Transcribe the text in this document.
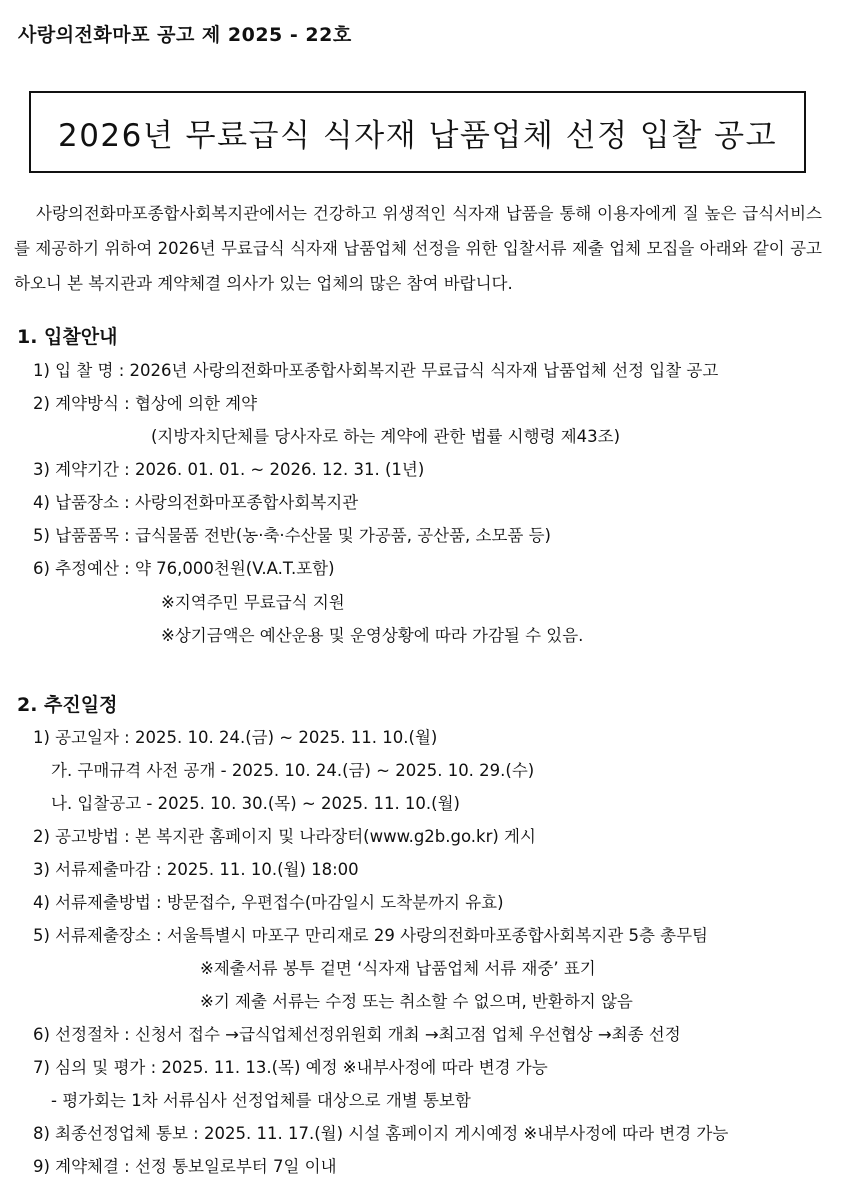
사랑의전화마포 공고 제 2025 - 22호
2026년 무료급식 식자재 납품업체 선정 입찰 공고
사랑의전화마포종합사회복지관에서는 건강하고 위생적인 식자재 납품을 통해 이용자에게 질 높은 급식서비스를 제공하기 위하여 2026년 무료급식 식자재 납품업체 선정을 위한 입찰서류 제출 업체 모집을 아래와 같이 공고하오니 본 복지관과 계약체결 의사가 있는 업체의 많은 참여 바랍니다.
1. 입찰안내
1) 입 찰 명 : 2026년 사랑의전화마포종합사회복지관 무료급식 식자재 납품업체 선정 입찰 공고
2) 계약방식 : 협상에 의한 계약
(지방자치단체를 당사자로 하는 계약에 관한 법률 시행령 제43조)
3) 계약기간 : 2026. 01. 01. ~ 2026. 12. 31. (1년)
4) 납품장소 : 사랑의전화마포종합사회복지관
5) 납품품목 : 급식물품 전반(농·축·수산물 및 가공품, 공산품, 소모품 등)
6) 추정예산 : 약 76,000천원(V.A.T.포함)
※지역주민 무료급식 지원
※상기금액은 예산운용 및 운영상황에 따라 가감될 수 있음.
2. 추진일정
1) 공고일자 : 2025. 10. 24.(금) ~ 2025. 11. 10.(월)
가. 구매규격 사전 공개 - 2025. 10. 24.(금) ~ 2025. 10. 29.(수)
나. 입찰공고 - 2025. 10. 30.(목) ~ 2025. 11. 10.(월)
2) 공고방법 : 본 복지관 홈페이지 및 나라장터(www.g2b.go.kr) 게시
3) 서류제출마감 : 2025. 11. 10.(월) 18:00
4) 서류제출방법 : 방문접수, 우편접수(마감일시 도착분까지 유효)
5) 서류제출장소 : 서울특별시 마포구 만리재로 29 사랑의전화마포종합사회복지관 5층 총무팀
※제출서류 봉투 겉면 ‘식자재 납품업체 서류 재중’ 표기
※기 제출 서류는 수정 또는 취소할 수 없으며, 반환하지 않음
6) 선정절차 : 신청서 접수 →급식업체선정위원회 개최 →최고점 업체 우선협상 →최종 선정
7) 심의 및 평가 : 2025. 11. 13.(목) 예정 ※내부사정에 따라 변경 가능
- 평가회는 1차 서류심사 선정업체를 대상으로 개별 통보함
8) 최종선정업체 통보 : 2025. 11. 17.(월) 시설 홈페이지 게시예정 ※내부사정에 따라 변경 가능
9) 계약체결 : 선정 통보일로부터 7일 이내
